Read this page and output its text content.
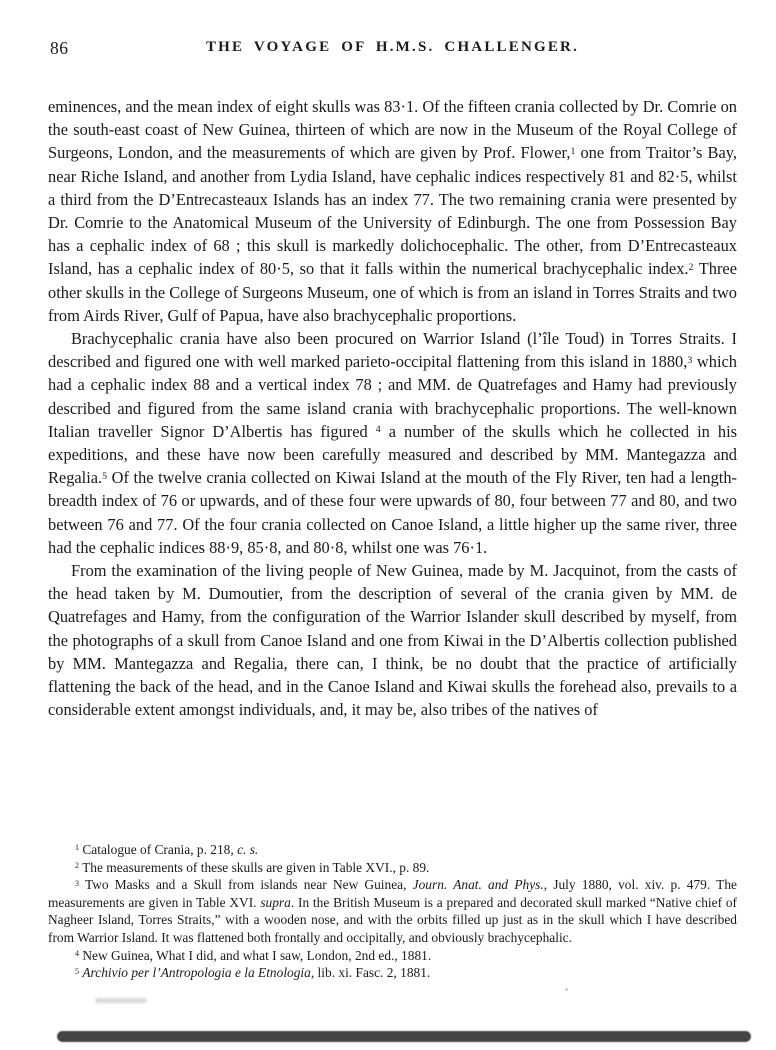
86	THE VOYAGE OF H.M.S. CHALLENGER.

eminences, and the mean index of eight skulls was 83·1. Of the fifteen crania collected by Dr. Comrie on the south-east coast of New Guinea, thirteen of which are now in the Museum of the Royal College of Surgeons, London, and the measurements of which are given by Prof. Flower,$^1$ one from Traitor’s Bay, near Riche Island, and another from Lydia Island, have cephalic indices respectively 81 and 82·5, whilst a third from the D’Entrecasteaux Islands has an index 77. The two remaining crania were presented by Dr. Comrie to the Anatomical Museum of the University of Edinburgh. The one from Possession Bay has a cephalic index of 68 ; this skull is markedly dolichocephalic. The other, from D’Entrecasteaux Island, has a cephalic index of 80·5, so that it falls within the numerical brachycephalic index.$^2$ Three other skulls in the College of Surgeons Museum, one of which is from an island in Torres Straits and two from Airds River, Gulf of Papua, have also brachycephalic proportions.

Brachycephalic crania have also been procured on Warrior Island (l’île Toud) in Torres Straits. I described and figured one with well marked parieto-occipital flattening from this island in 1880,$^3$ which had a cephalic index 88 and a vertical index 78 ; and MM. de Quatrefages and Hamy had previously described and figured from the same island crania with brachycephalic proportions. The well-known Italian traveller Signor D’Albertis has figured $^4$ a number of the skulls which he collected in his expeditions, and these have now been carefully measured and described by MM. Mantegazza and Regalia.$^5$ Of the twelve crania collected on Kiwai Island at the mouth of the Fly River, ten had a length-breadth index of 76 or upwards, and of these four were upwards of 80, four between 77 and 80, and two between 76 and 77. Of the four crania collected on Canoe Island, a little higher up the same river, three had the cephalic indices 88·9, 85·8, and 80·8, whilst one was 76·1.

From the examination of the living people of New Guinea, made by M. Jacquinot, from the casts of the head taken by M. Dumoutier, from the description of several of the crania given by MM. de Quatrefages and Hamy, from the configuration of the Warrior Islander skull described by myself, from the photographs of a skull from Canoe Island and one from Kiwai in the D’Albertis collection published by MM. Mantegazza and Regalia, there can, I think, be no doubt that the practice of artificially flattening the back of the head, and in the Canoe Island and Kiwai skulls the forehead also, prevails to a considerable extent amongst individuals, and, it may be, also tribes of the natives of

$^1$ Catalogue of Crania, p. 218, c. s.

$^2$ The measurements of these skulls are given in Table XVI., p. 89.

$^3$ Two Masks and a Skull from islands near New Guinea, Journ. Anat. and Phys., July 1880, vol. xiv. p. 479. The measurements are given in Table XVI. supra. In the British Museum is a prepared and decorated skull marked “Native chief of Nagheer Island, Torres Straits,” with a wooden nose, and with the orbits filled up just as in the skull which I have described from Warrior Island. It was flattened both frontally and occipitally, and obviously brachycephalic.

$^4$ New Guinea, What I did, and what I saw, London, 2nd ed., 1881.

$^5$ Archivio per l’Antropologia e la Etnologia, lib. xi. Fasc. 2, 1881.
